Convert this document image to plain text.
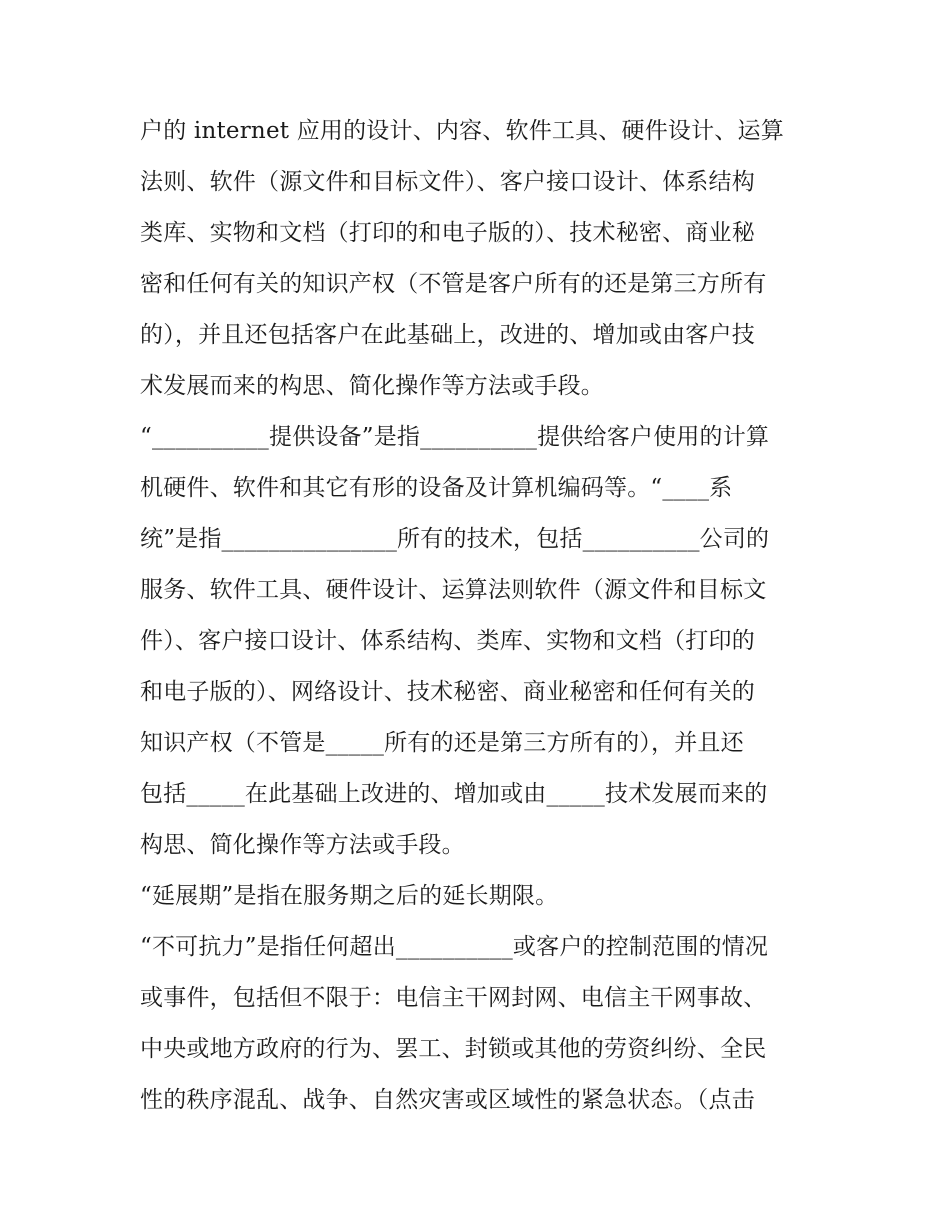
户的 internet 应用的设计、内容、软件工具、硬件设计、运算
法则、软件（源文件和目标文件）、客户接口设计、体系结构
类库、实物和文档（打印的和电子版的）、技术秘密、商业秘
密和任何有关的知识产权（不管是客户所有的还是第三方所有
的），并且还包括客户在此基础上，改进的、增加或由客户技
术发展而来的构思、简化操作等方法或手段。
“__________提供设备”是指__________提供给客户使用的计算
机硬件、软件和其它有形的设备及计算机编码等。“____系
统”是指_______________所有的技术，包括__________公司的
服务、软件工具、硬件设计、运算法则软件（源文件和目标文
件）、客户接口设计、体系结构、类库、实物和文档（打印的
和电子版的）、网络设计、技术秘密、商业秘密和任何有关的
知识产权（不管是_____所有的还是第三方所有的），并且还
包括_____在此基础上改进的、增加或由_____技术发展而来的
构思、简化操作等方法或手段。
“延展期”是指在服务期之后的延长期限。
“不可抗力”是指任何超出__________或客户的控制范围的情况
或事件，包括但不限于：电信主干网封网、电信主干网事故、
中央或地方政府的行为、罢工、封锁或其他的劳资纠纷、全民
性的秩序混乱、战争、自然灾害或区域性的紧急状态。（点击
